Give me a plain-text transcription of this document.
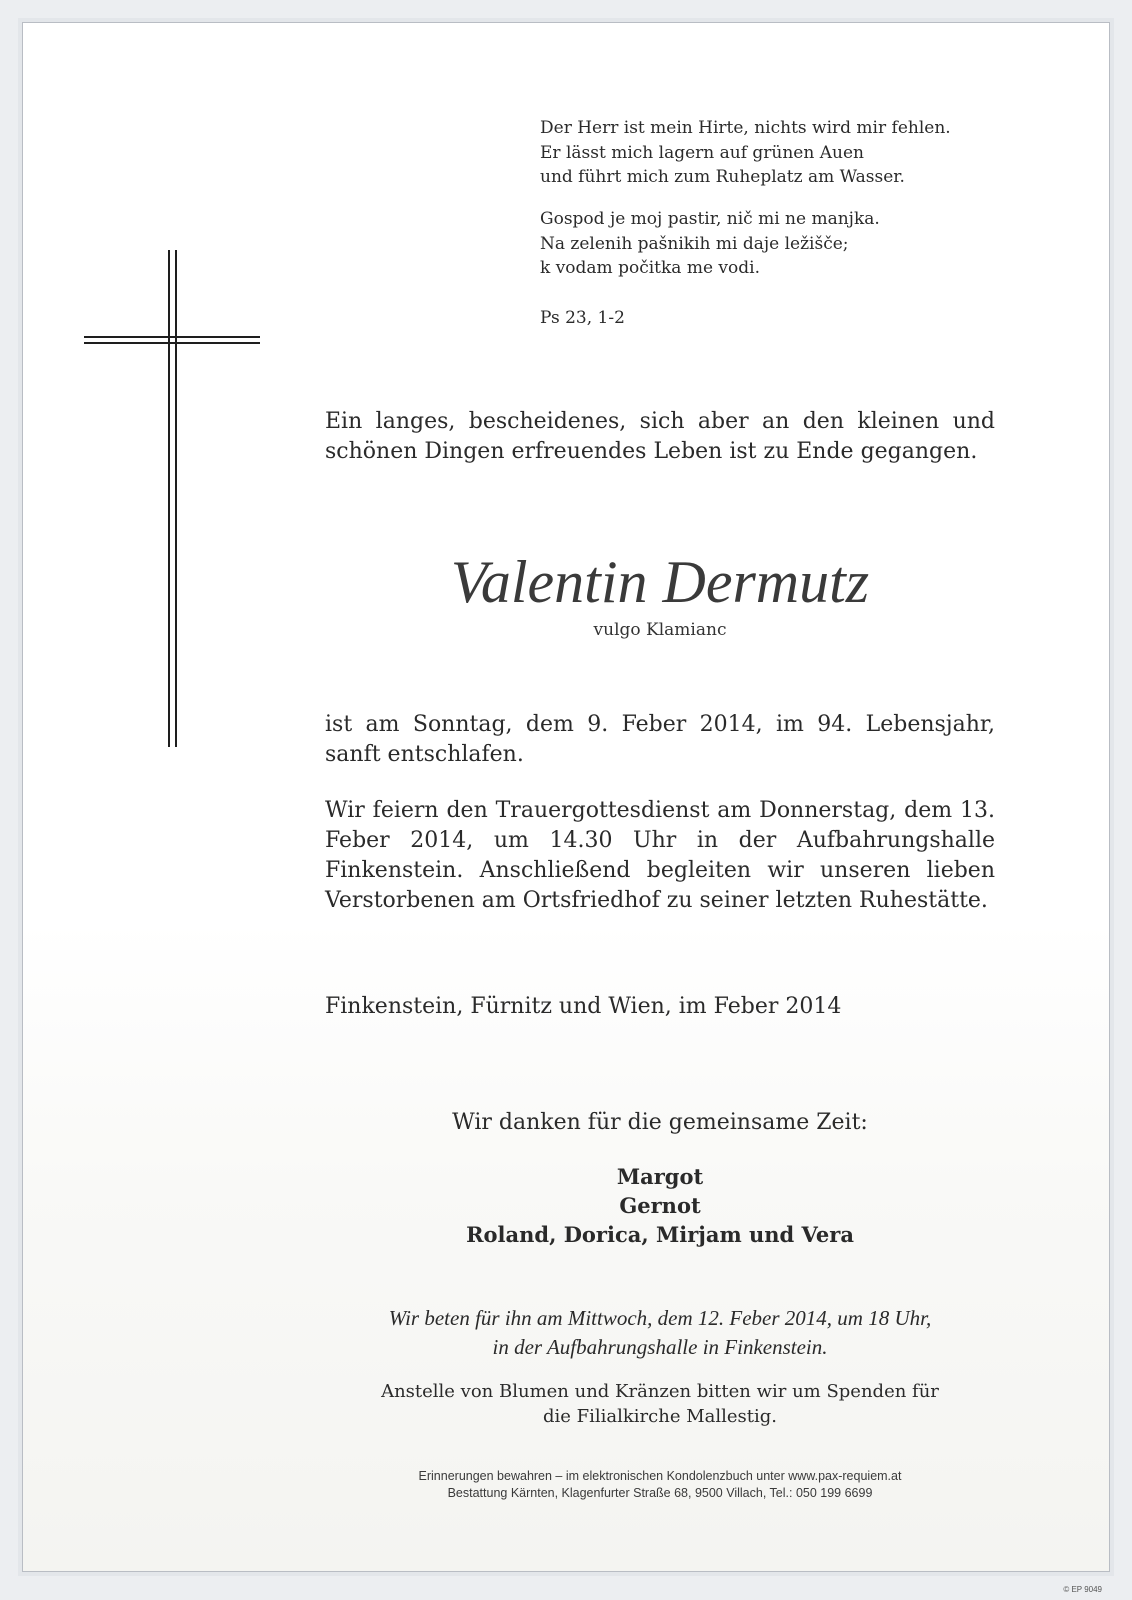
Der Herr ist mein Hirte, nichts wird mir fehlen.
Er lässt mich lagern auf grünen Auen
und führt mich zum Ruheplatz am Wasser.
Gospod je moj pastir, nič mi ne manjka.
Na zelenih pašnikih mi daje ležišče;
k vodam počitka me vodi.
Ps 23, 1-2
Ein langes, bescheidenes, sich aber an den kleinen und schönen Dingen erfreuendes Leben ist zu Ende gegangen.
Valentin Dermutz
vulgo Klamianc
ist am Sonntag, dem 9. Feber 2014, im 94. Lebensjahr, sanft entschlafen.
Wir feiern den Trauergottesdienst am Donnerstag, dem 13. Feber 2014, um 14.30 Uhr in der Aufbahrungshalle Finkenstein. Anschließend begleiten wir unseren lieben Verstorbenen am Ortsfriedhof zu seiner letzten Ruhestätte.
Finkenstein, Fürnitz und Wien, im Feber 2014
Wir danken für die gemeinsame Zeit:
Margot
Gernot
Roland, Dorica, Mirjam und Vera
Wir beten für ihn am Mittwoch, dem 12. Feber 2014, um 18 Uhr,
in der Aufbahrungshalle in Finkenstein.
Anstelle von Blumen und Kränzen bitten wir um Spenden für
die Filialkirche Mallestig.
Erinnerungen bewahren – im elektronischen Kondolenzbuch unter www.pax-requiem.at
Bestattung Kärnten, Klagenfurter Straße 68, 9500 Villach, Tel.: 050 199 6699
© EP 9049
